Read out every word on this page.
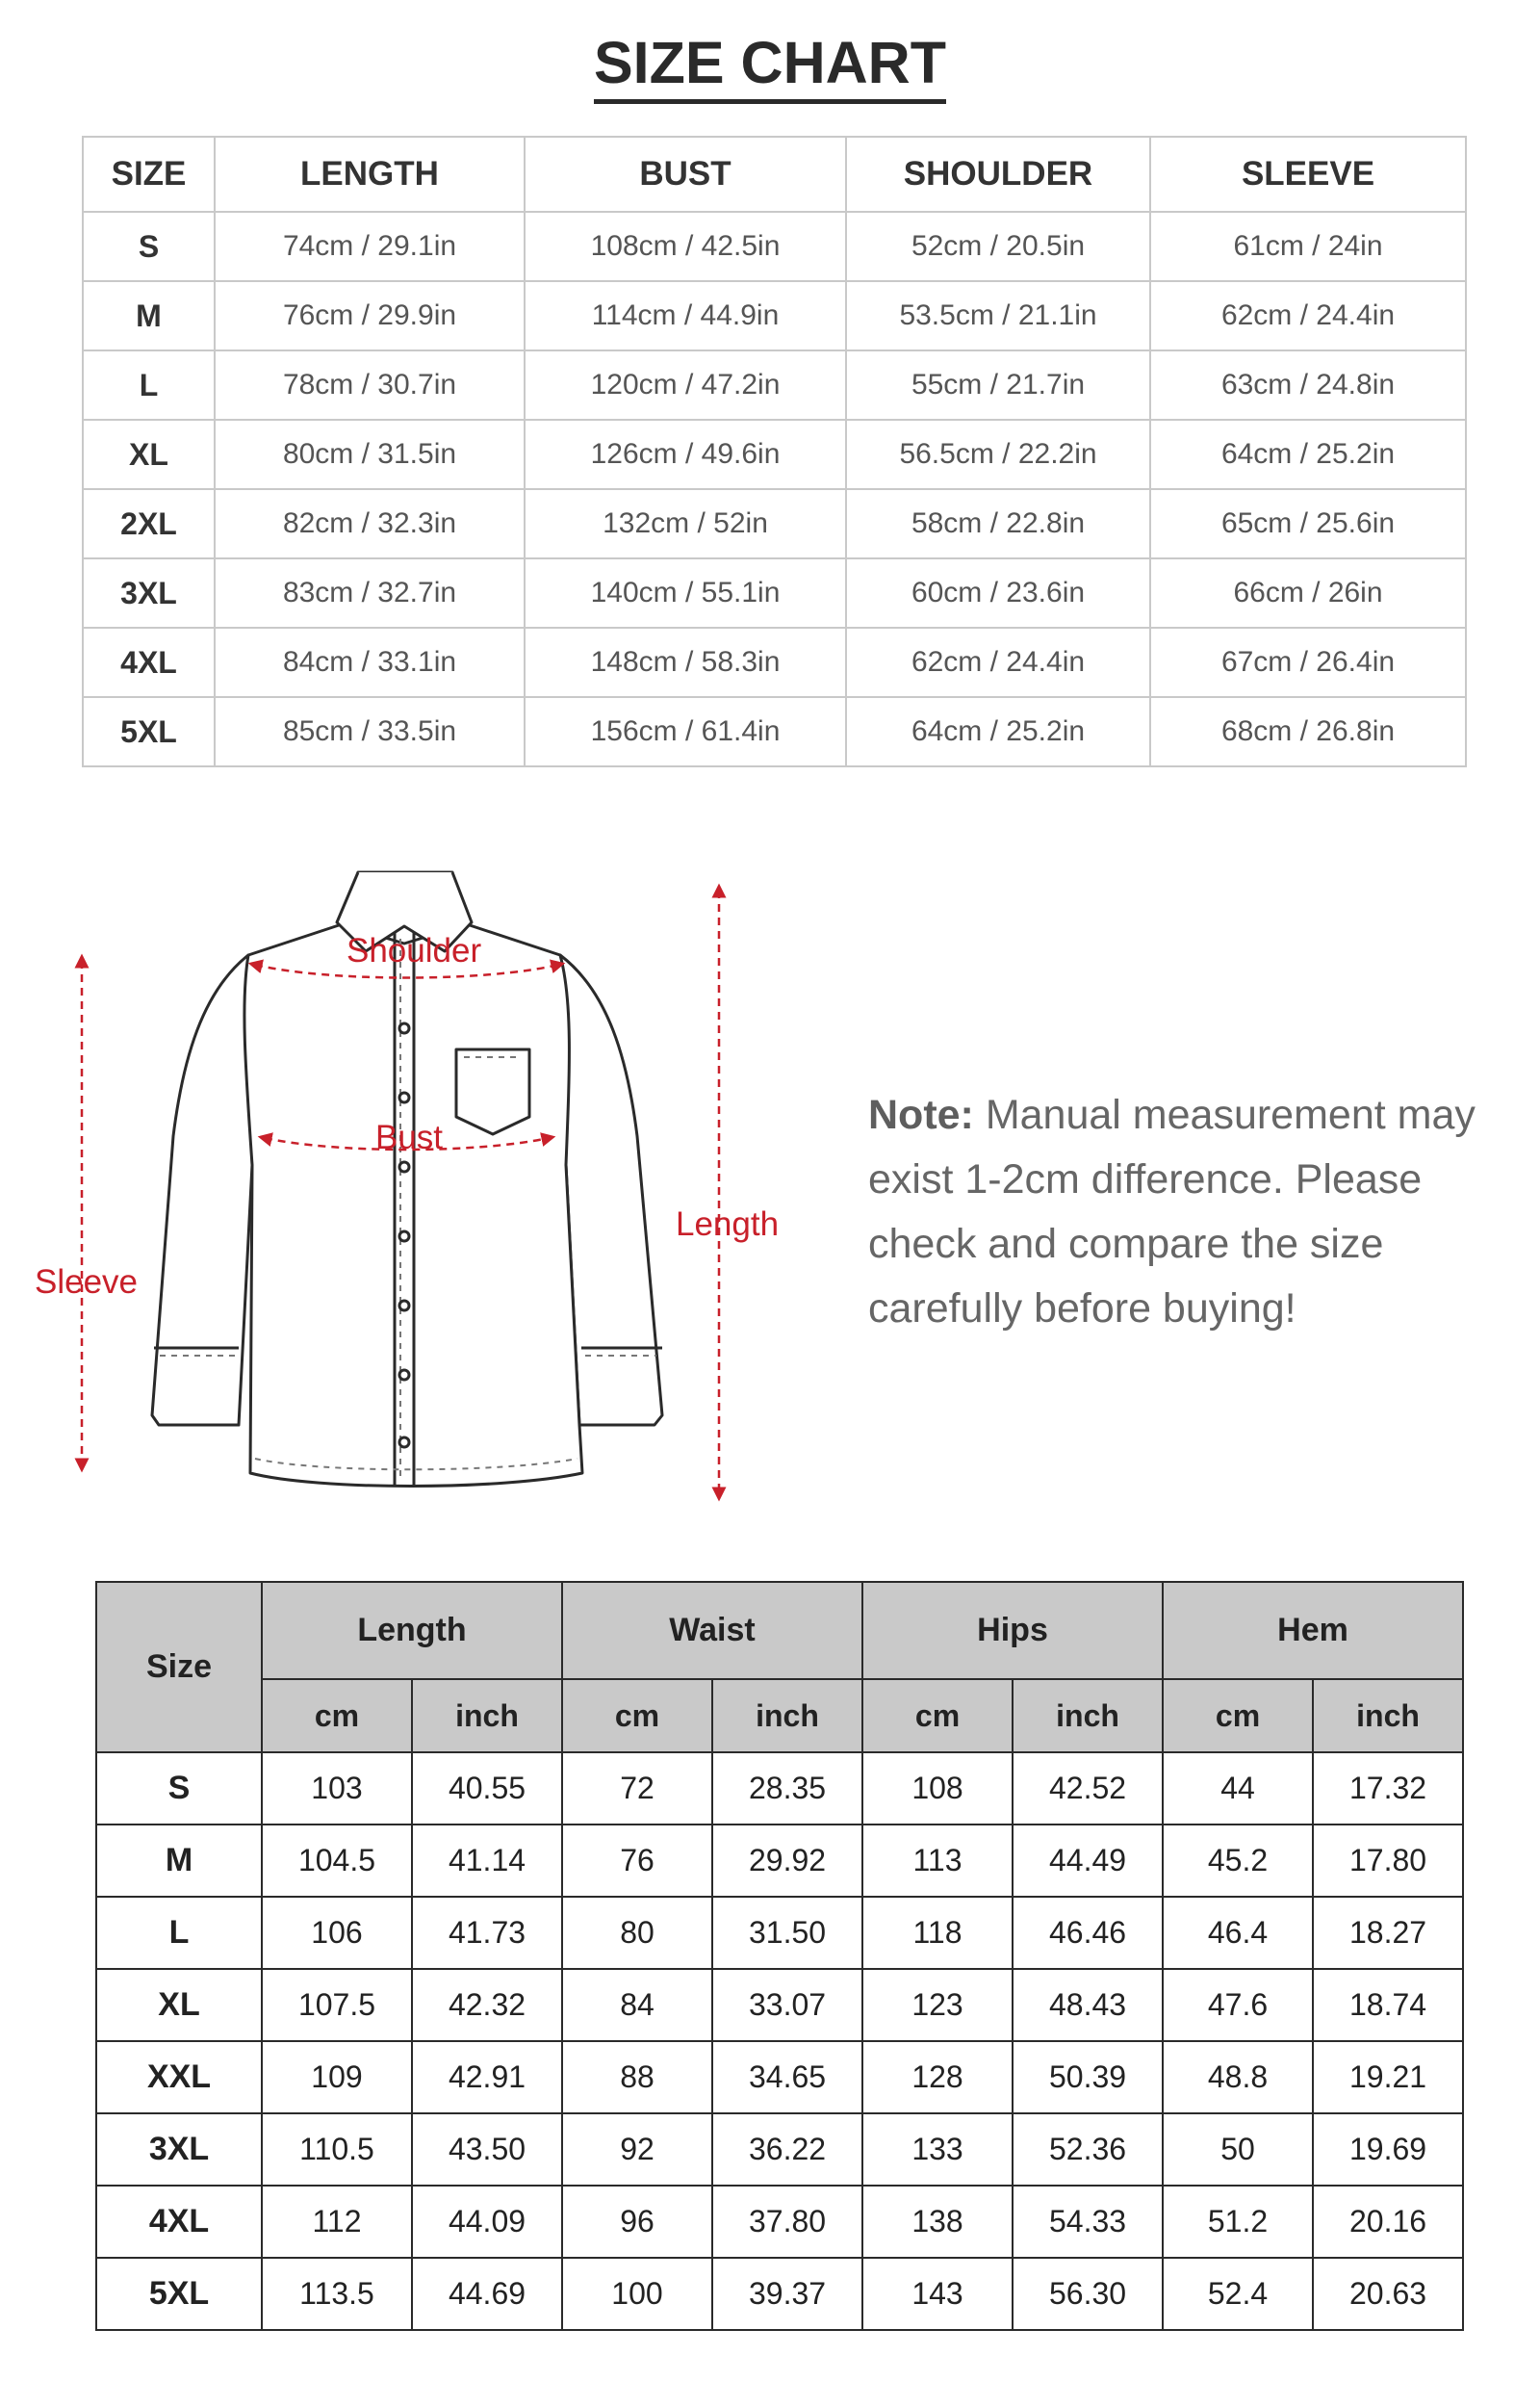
SIZE CHART
SIZE	LENGTH	BUST	SHOULDER	SLEEVE
S	74cm / 29.1in	108cm / 42.5in	52cm / 20.5in	61cm / 24in
M	76cm / 29.9in	114cm / 44.9in	53.5cm / 21.1in	62cm / 24.4in
L	78cm / 30.7in	120cm / 47.2in	55cm / 21.7in	63cm / 24.8in
XL	80cm / 31.5in	126cm / 49.6in	56.5cm / 22.2in	64cm / 25.2in
2XL	82cm / 32.3in	132cm / 52in	58cm / 22.8in	65cm / 25.6in
3XL	83cm / 32.7in	140cm / 55.1in	60cm / 23.6in	66cm / 26in
4XL	84cm / 33.1in	148cm / 58.3in	62cm / 24.4in	67cm / 26.4in
5XL	85cm / 33.5in	156cm / 61.4in	64cm / 25.2in	68cm / 26.8in
Shoulder
Bust
Sleeve
Length
Note: Manual measurement may exist 1-2cm difference. Please check and compare the size carefully before buying!
Size	Length		Waist		Hips		Hem	
	cm	inch	cm	inch	cm	inch	cm	inch
S	103	40.55	72	28.35	108	42.52	44	17.32
M	104.5	41.14	76	29.92	113	44.49	45.2	17.80
L	106	41.73	80	31.50	118	46.46	46.4	18.27
XL	107.5	42.32	84	33.07	123	48.43	47.6	18.74
XXL	109	42.91	88	34.65	128	50.39	48.8	19.21
3XL	110.5	43.50	92	36.22	133	52.36	50	19.69
4XL	112	44.09	96	37.80	138	54.33	51.2	20.16
5XL	113.5	44.69	100	39.37	143	56.30	52.4	20.63
